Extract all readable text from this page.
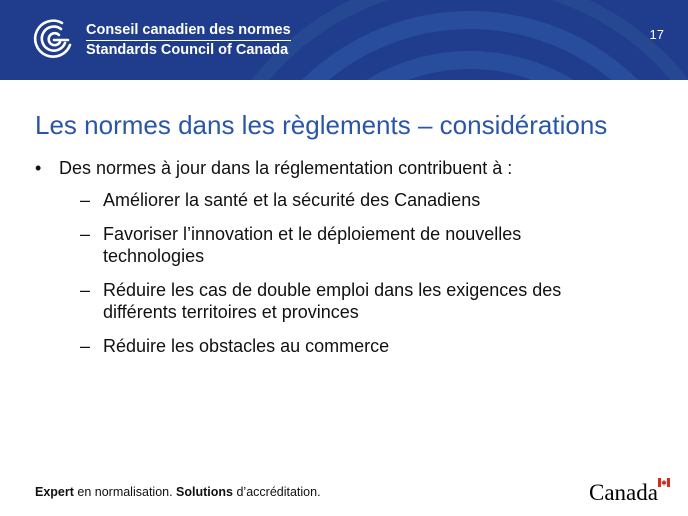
Conseil canadien des normes
Standards Council of Canada
17
Les normes dans les règlements – considérations
• Des normes à jour dans la réglementation contribuent à :
– Améliorer la santé et la sécurité des Canadiens
– Favoriser l’innovation et le déploiement de nouvelles
technologies
– Réduire les cas de double emploi dans les exigences des
différents territoires et provinces
– Réduire les obstacles au commerce
Expert en normalisation. Solutions d’accréditation.	Canada
